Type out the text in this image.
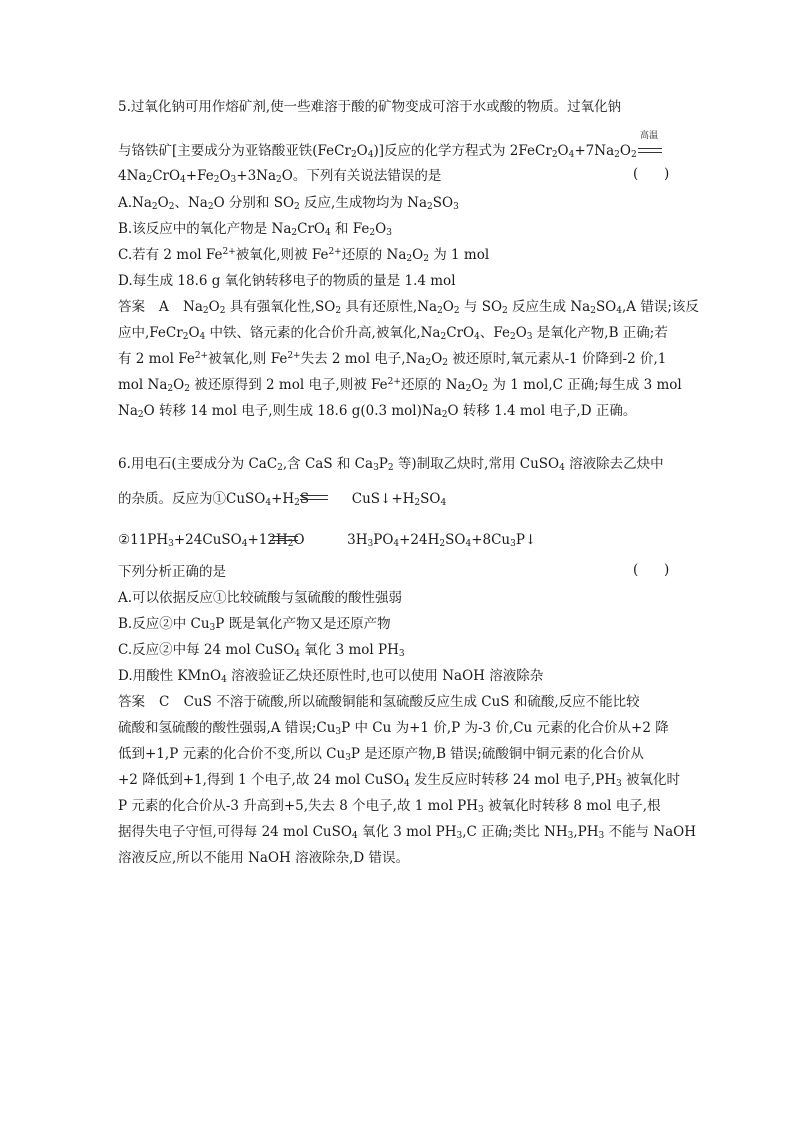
5.过氧化钠可用作熔矿剂,使一些难溶于酸的矿物变成可溶于水或酸的物质。过氧化钠
与铬铁矿[主要成分为亚铬酸亚铁$(FeCr_2O_4)$]反应的化学方程式为 $2FeCr_2O_4+7Na_2O_2$
高温
$4Na_2CrO_4+Fe_2O_3+3Na_2O$。下列有关说法错误的是	(      )
$A.Na_2O_2$、$Na_2O$ 分别和 $SO_2$ 反应,生成物均为 $Na_2SO_3$
B.该反应中的氧化产物是 $Na_2CrO_4$ 和 $Fe_2O_3$
C.若有 2 mol $Fe^{2+}$被氧化,则被 $Fe^{2+}$还原的 $Na_2O_2$ 为 1 mol
D.每生成 18.6 g 氧化钠转移电子的物质的量是 1.4 mol
答案 A $Na_2O_2$ 具有强氧化性$,SO_2$ 具有还原性$,Na_2O_2$ 与 $SO_2$ 反应生成 $Na_2SO_4,A$ 错误;该反
应中$,FeCr_2O_4$ 中铁、铬元素的化合价升高,被氧化$,Na_2CrO_4$、$Fe_2O_3$ 是氧化产物,B 正确;若
有 2 mol $Fe^{2+}$被氧化,则 $Fe^{2+}$失去 2 mol 电子$,Na_2O_2$ 被还原时,氧元素从-1 价降到-2 价,1
mol $Na_2O_2$ 被还原得到 2 mol 电子,则被 $Fe^{2+}$还原的 $Na_2O_2$ 为 1 mol,C 正确;每生成 3 mol
$Na_2O$ 转移 14 mol 电子,则生成 18.6 g(0.3 $mol)Na_2O$ 转移 1.4 mol 电子,D 正确。
6.用电石(主要成分为 CaC$_2$,含 CaS 和 $Ca_3P_2$ 等)制取乙炔时,常用 CuSO$_4$ 溶液除去乙炔中
的杂质。反应为$①CuSO_4+H_2S$	$CuS↓+H_2SO_4$
$②11PH_3+24CuSO_4+12H_2O$	$3H_3PO_4+24H_2SO_4+8Cu_3P↓$
下列分析正确的是	(      )
A.可以依据反应①比较硫酸与氢硫酸的酸性强弱
B.反应②中 $Cu_3P$ 既是氧化产物又是还原产物
C.反应②中每 24 mol CuSO$_4$ 氧化 3 mol $PH_3$
D.用酸性 KMnO$_4$ 溶液验证乙炔还原性时,也可以使用 NaOH 溶液除杂
答案 C CuS 不溶于硫酸,所以硫酸铜能和氢硫酸反应生成 CuS 和硫酸,反应不能比较
硫酸和氢硫酸的酸性强弱,A 错误$;Cu_3P$ 中 Cu 为+1 价,P 为-3 价,Cu 元素的化合价从+2 降
低到+1,P 元素的化合价不变,所以 $Cu_3P$ 是还原产物,B 错误;硫酸铜中铜元素的化合价从
+2 降低到+1,得到 1 个电子,故 24 mol CuSO$_4$ 发生反应时转移 24 mol 电子$,PH_3$ 被氧化时
P 元素的化合价从-3 升高到+5,失去 8 个电子,故 1 mol $PH_3$ 被氧化时转移 8 mol 电子,根
据得失电子守恒,可得每 24 mol CuSO$_4$ 氧化 3 mol $PH_3,C$ 正确;类比 $NH_3,PH_3$ 不能与 NaOH
溶液反应,所以不能用 NaOH 溶液除杂,D 错误。
